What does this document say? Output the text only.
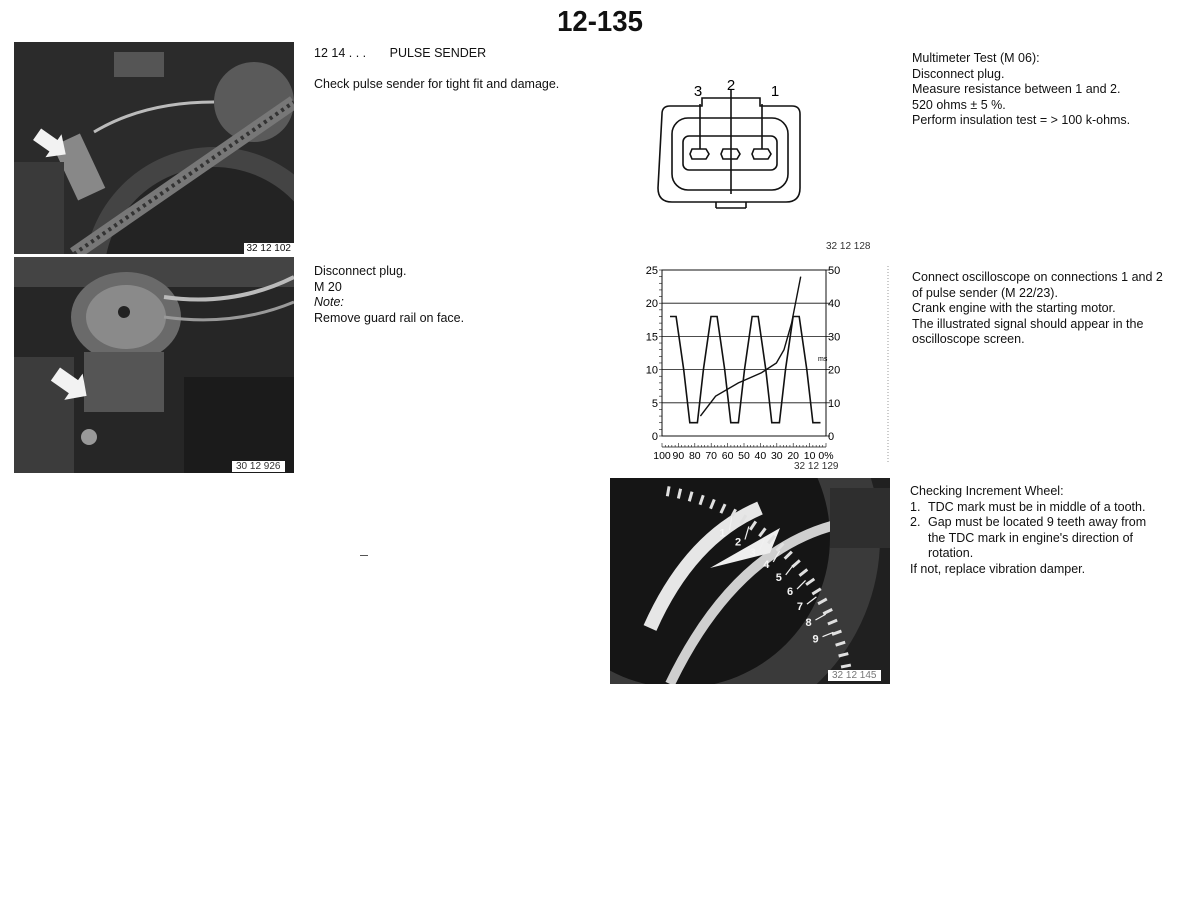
12-135
32 12 102
30 12 926
12 14 . . . PULSE SENDER
Check pulse sender for tight fit and damage.
Disconnect plug.
M 20
Note:
Remove guard rail on face.
3 2 1
32 12 128
Multimeter Test (M 06):
Disconnect plug.
Measure resistance between 1 and 2.
520 ohms ± 5 %.
Perform insulation test = > 100 k-ohms.
0
5
10
15
20
25
0
10
20
30
40
50
100 90 80 70 60 50 40 30 20 10 0%
ms
32 12 129
Connect oscilloscope on connections 1 and 2
of pulse sender (M 22/23).
Crank engine with the starting motor.
The illustrated signal should appear in the
oscilloscope screen.
1
2
3
4
5
6
7
8
9
32 12 145
Checking Increment Wheel:
1. TDC mark must be in middle of a tooth.
2. Gap must be located 9 teeth away from the TDC mark in engine's direction of rotation.
If not, replace vibration damper.
